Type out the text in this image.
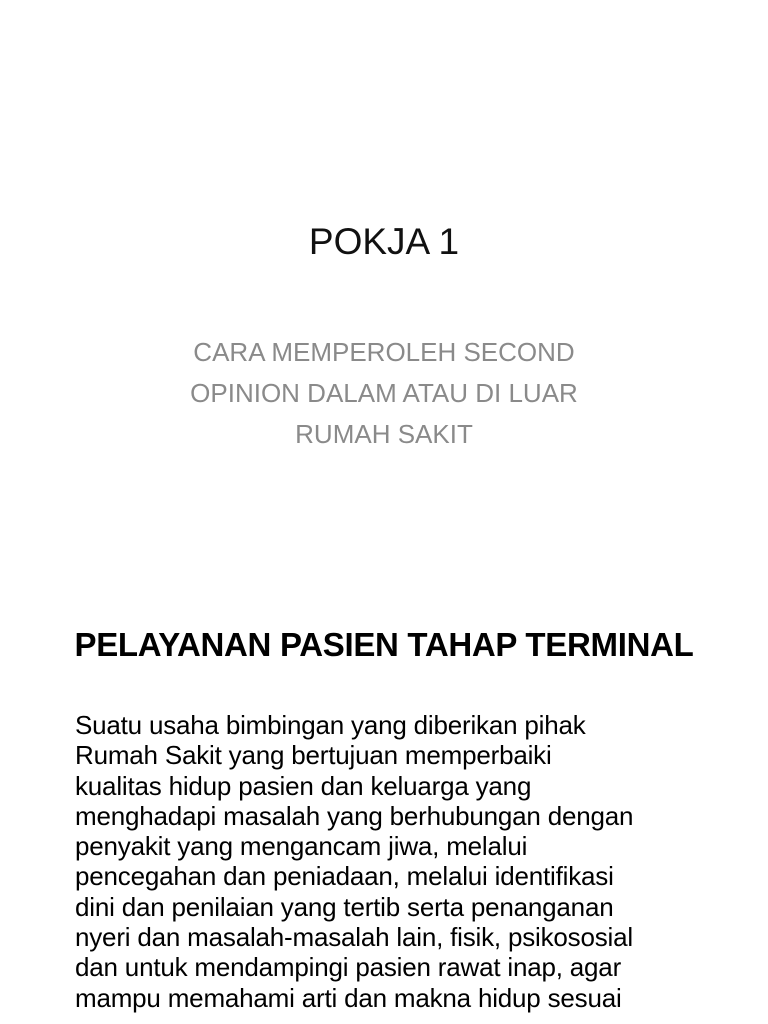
POKJA 1

CARA MEMPEROLEH SECOND
OPINION DALAM ATAU DI LUAR
RUMAH SAKIT

PELAYANAN PASIEN TAHAP TERMINAL

Suatu usaha bimbingan yang diberikan pihak
Rumah Sakit yang bertujuan memperbaiki
kualitas hidup pasien dan keluarga yang
menghadapi masalah yang berhubungan dengan
penyakit yang mengancam jiwa, melalui
pencegahan dan peniadaan, melalui identifikasi
dini dan penilaian yang tertib serta penanganan
nyeri dan masalah-masalah lain, fisik, psikososial
dan untuk mendampingi pasien rawat inap, agar
mampu memahami arti dan makna hidup sesuai
